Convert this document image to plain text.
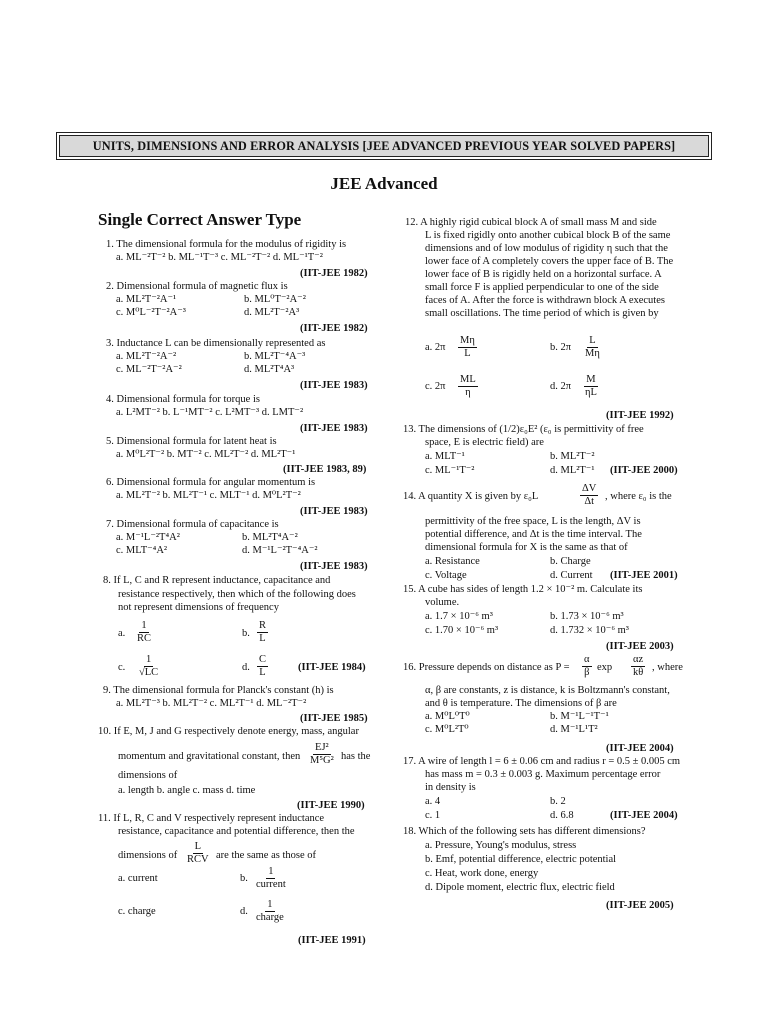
UNITS, DIMENSIONS AND ERROR ANALYSIS [JEE ADVANCED PREVIOUS YEAR SOLVED PAPERS]
JEE Advanced
Single Correct Answer Type
1. The dimensional formula for the modulus of rigidity is
a. ML⁻²T⁻² b. ML⁻¹T⁻³ c. ML⁻²T⁻² d. ML⁻¹T⁻²
(IIT-JEE 1982)
2. Dimensional formula of magnetic flux is
a. ML²T⁻²A⁻¹	b. ML⁰T⁻²A⁻²
c. M⁰L⁻²T⁻²A⁻³	d. ML²T⁻²A³
(IIT-JEE 1982)
3. Inductance L can be dimensionally represented as
a. ML²T⁻²A⁻²	b. ML²T⁻⁴A⁻³
c. ML⁻²T⁻²A⁻²	d. ML²T⁴A³
(IIT-JEE 1983)
4. Dimensional formula for torque is
a. L²MT⁻² b. L⁻¹MT⁻² c. L²MT⁻³ d. LMT⁻²
(IIT-JEE 1983)
5. Dimensional formula for latent heat is
a. M⁰L²T⁻² b. MT⁻² c. ML²T⁻² d. ML²T⁻¹
(IIT-JEE 1983, 89)
6. Dimensional formula for angular momentum is
a. ML²T⁻² b. ML²T⁻¹ c. MLT⁻¹ d. M⁰L²T⁻²
(IIT-JEE 1983)
7. Dimensional formula of capacitance is
a. M⁻¹L⁻²T⁴A²	b. ML²T⁴A⁻²
c. MLT⁻⁴A²	d. M⁻¹L⁻²T⁻⁴A⁻²
(IIT-JEE 1983)
8. If L, C and R represent inductance, capacitance and
resistance respectively, then which of the following does
not represent dimensions of frequency
a. $\frac{1}{RC}$	b. $\frac{R}{L}$
c. $\frac{1}{√LC}$	d. $\frac{C}{L}$	(IIT-JEE 1984)
9. The dimensional formula for Planck's constant (h) is
a. ML²T⁻³ b. ML²T⁻² c. ML²T⁻¹ d. ML⁻²T⁻²
(IIT-JEE 1985)
10. If E, M, J and G respectively denote energy, mass, angular
momentum and gravitational constant, then $\frac{\text{EJ²}}{\text{M⁵G²}}$ has the
dimensions of
a. length b. angle c. mass d. time
(IIT-JEE 1990)
11. If L, R, C and V respectively represent inductance
resistance, capacitance and potential difference, then the
dimensions of
L
RCV are the same as those of
a. current	b.
1
current
c. charge	d.
1
charge
(IIT-JEE 1991)
12. A highly rigid cubical block A of small mass M and side
L is fixed rigidly onto another cubical block B of the same
dimensions and of low modulus of rigidity η such that the
lower face of A completely covers the upper face of B. The
lower face of B is rigidly held on a horizontal surface. A
small force F is applied perpendicular to one of the side
faces of A. After the force is withdrawn block A executes
small oscillations. The time period of which is given by
a. $2\pi \frac{M\eta}{L}$	b. $2\pi \frac{L}{M\eta}$
c. $2\pi \frac{ML}{\eta}$	d. $2\pi \frac{M}{\eta L}$
(IIT-JEE 1992)
13. The dimensions of (1/2)ε₀E² (ε₀ is permittivity of free
space, E is electric field) are
a. MLT⁻¹	b. ML²T⁻²
c. ML⁻¹T⁻²	d. ML²T⁻¹ (IIT-JEE 2000)
14. A quantity X is given by ε₀L	$\frac{\Delta V}{\Delta t}$ , where ε₀ is the
permittivity of the free space, L is the length, ΔV is
potential difference, and Δt is the time interval. The
dimensional formula for X is the same as that of
a. Resistance	b. Charge
c. Voltage	d. Current (IIT-JEE 2001)
15. A cube has sides of length 1.2 × 10⁻² m. Calculate its
volume.
a. 1.7 × 10⁻⁶ m³	b. 1.73 × 10⁻⁶ m³
c. 1.70 × 10⁻⁶ m³	d. 1.732 × 10⁻⁶ m³
(IIT-JEE 2003)
16. Pressure depends on distance as $P = \frac{\alpha}{\beta}$ $\exp \frac{\alpha z}{k\theta}$ , where
α, β are constants, z is distance, k is Boltzmann's constant,
and θ is temperature. The dimensions of β are
a. M⁰L⁰T⁰	b. M⁻¹L⁻¹T⁻¹
c. M⁰L²T⁰	d. M⁻¹L¹T²
(IIT-JEE 2004)
17. A wire of length l = 6 ± 0.06 cm and radius r = 0.5 ± 0.005 cm
has mass m = 0.3 ± 0.003 g. Maximum percentage error
in density is
a. 4	b. 2
c. 1	d. 6.8	(IIT-JEE 2004)
18. Which of the following sets has different dimensions?
a. Pressure, Young's modulus, stress
b. Emf, potential difference, electric potential
c. Heat, work done, energy
d. Dipole moment, electric flux, electric field
(IIT-JEE 2005)
